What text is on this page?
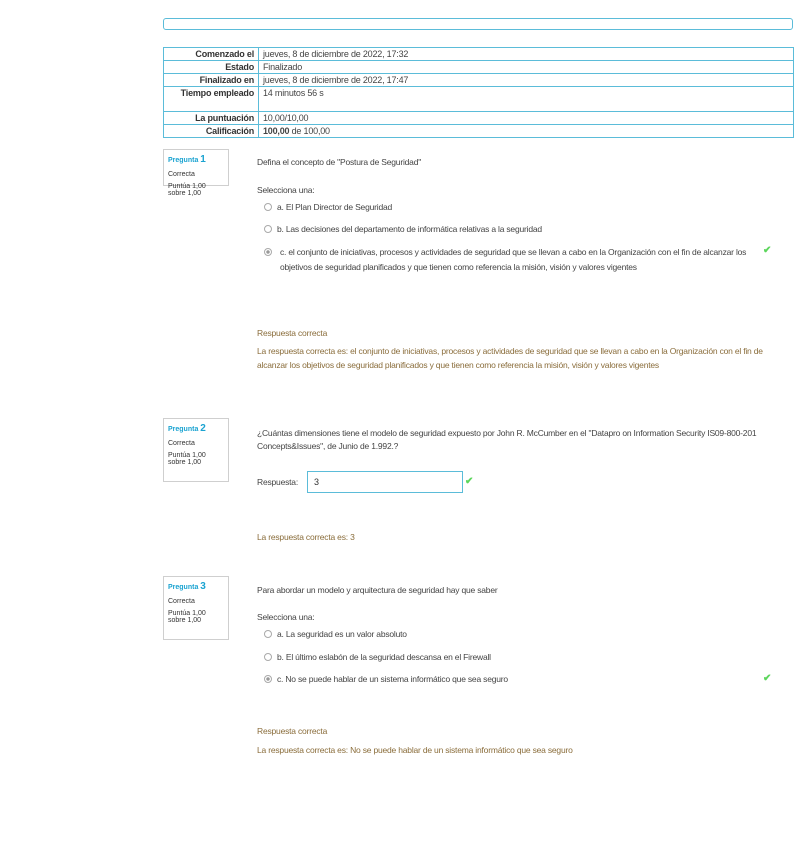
Comenzado el	jueves, 8 de diciembre de 2022, 17:32
Estado	Finalizado
Finalizado en	jueves, 8 de diciembre de 2022, 17:47
Tiempo empleado	14 minutos 56 s
La puntuación	10,00/10,00
Calificación	100,00 de 100,00
Pregunta 1
Correcta
Puntúa 1,00 sobre 1,00
Defina el concepto de "Postura de Seguridad"
Selecciona una:
a. El Plan Director de Seguridad
b. Las decisiones del departamento de informática relativas a la seguridad
c. el conjunto de iniciativas, procesos y actividades de seguridad que se llevan a cabo en la Organización con el fin de alcanzar los objetivos de seguridad planificados y que tienen como referencia la misión, visión y valores vigentes
✔
Respuesta correcta
La respuesta correcta es: el conjunto de iniciativas, procesos y actividades de seguridad que se llevan a cabo en la Organización con el fin de alcanzar los objetivos de seguridad planificados y que tienen como referencia la misión, visión y valores vigentes
Pregunta 2
Correcta
Puntúa 1,00 sobre 1,00
¿Cuántas dimensiones tiene el modelo de seguridad expuesto por John R. McCumber en el "Datapro on Information Security IS09-800-201 Concepts&Issues", de Junio de 1.992.?
Respuesta:	3	✔
La respuesta correcta es: 3
Pregunta 3
Correcta
Puntúa 1,00 sobre 1,00
Para abordar un modelo y arquitectura de seguridad hay que saber
Selecciona una:
a. La seguridad es un valor absoluto
b. El último eslabón de la seguridad descansa en el Firewall
c. No se puede hablar de un sistema informático que sea seguro	✔
Respuesta correcta
La respuesta correcta es: No se puede hablar de un sistema informático que sea seguro
